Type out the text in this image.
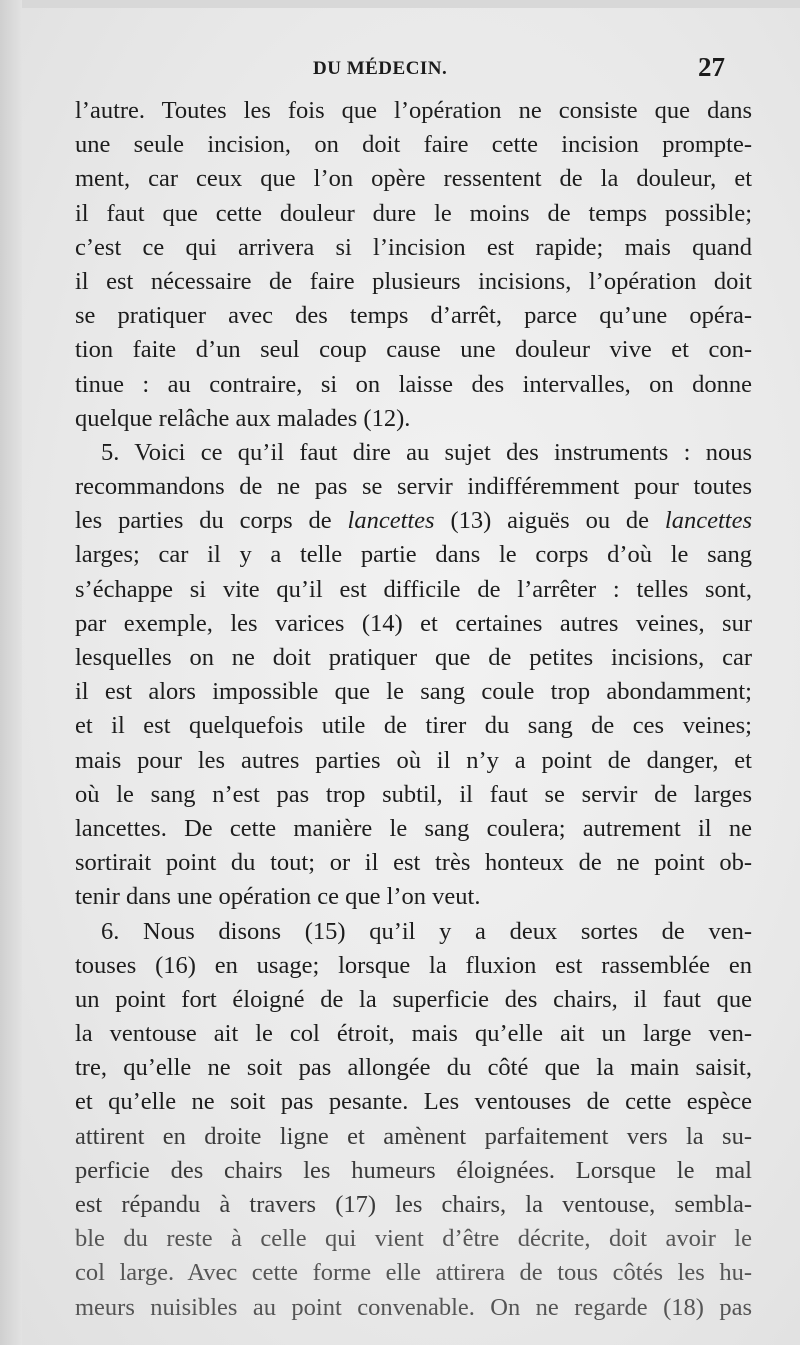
DU MÉDECIN.	27
l’autre. Toutes les fois que l’opération ne consiste que dans
une seule incision, on doit faire cette incision prompte-
ment, car ceux que l’on opère ressentent de la douleur, et
il faut que cette douleur dure le moins de temps possible;
c’est ce qui arrivera si l’incision est rapide; mais quand
il est nécessaire de faire plusieurs incisions, l’opération doit
se pratiquer avec des temps d’arrêt, parce qu’une opéra-
tion faite d’un seul coup cause une douleur vive et con-
tinue : au contraire, si on laisse des intervalles, on donne
quelque relâche aux malades (12).
5. Voici ce qu’il faut dire au sujet des instruments : nous
recommandons de ne pas se servir indifféremment pour toutes
les parties du corps de lancettes (13) aiguës ou de lancettes
larges; car il y a telle partie dans le corps d’où le sang
s’échappe si vite qu’il est difficile de l’arrêter : telles sont,
par exemple, les varices (14) et certaines autres veines, sur
lesquelles on ne doit pratiquer que de petites incisions, car
il est alors impossible que le sang coule trop abondamment;
et il est quelquefois utile de tirer du sang de ces veines;
mais pour les autres parties où il n’y a point de danger, et
où le sang n’est pas trop subtil, il faut se servir de larges
lancettes. De cette manière le sang coulera; autrement il ne
sortirait point du tout; or il est très honteux de ne point ob-
tenir dans une opération ce que l’on veut.
6. Nous disons (15) qu’il y a deux sortes de ven-
touses (16) en usage; lorsque la fluxion est rassemblée en
un point fort éloigné de la superficie des chairs, il faut que
la ventouse ait le col étroit, mais qu’elle ait un large ven-
tre, qu’elle ne soit pas allongée du côté que la main saisit,
et qu’elle ne soit pas pesante. Les ventouses de cette espèce
attirent en droite ligne et amènent parfaitement vers la su-
perficie des chairs les humeurs éloignées. Lorsque le mal
est répandu à travers (17) les chairs, la ventouse, sembla-
ble du reste à celle qui vient d’être décrite, doit avoir le
col large. Avec cette forme elle attirera de tous côtés les hu-
meurs nuisibles au point convenable. On ne regarde (18) pas
